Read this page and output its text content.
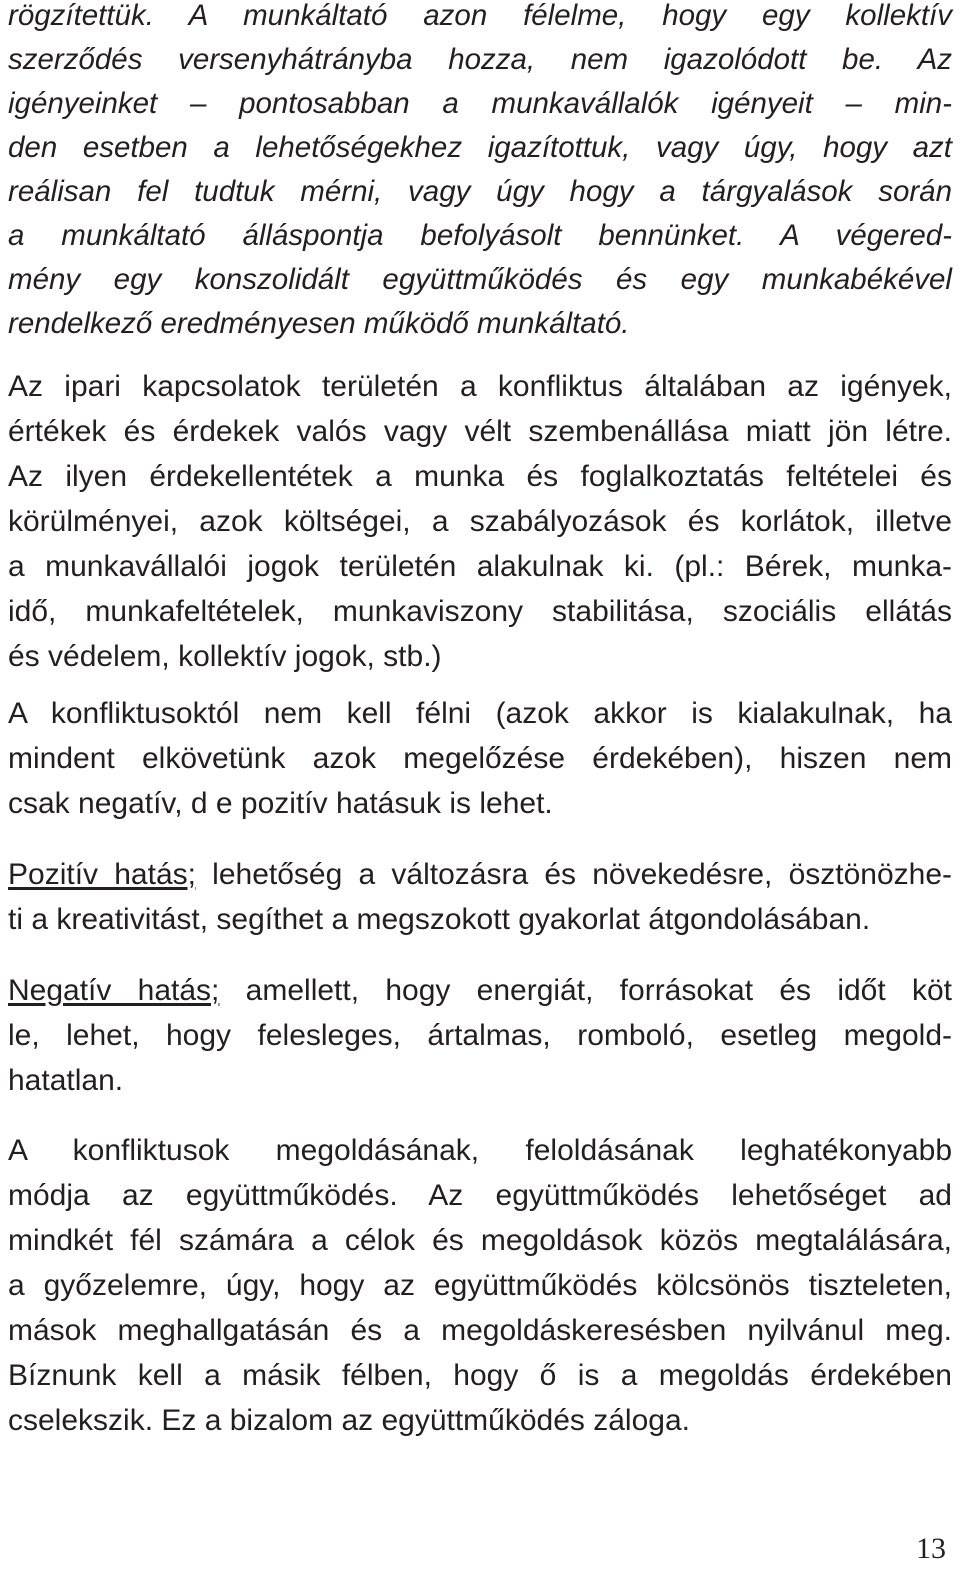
rögzítettük. A munkáltató azon félelme, hogy egy kollektív
szerződés versenyhátrányba hozza, nem igazolódott be. Az
igényeinket – pontosabban a munkavállalók igényeit – min-
den esetben a lehetőségekhez igazítottuk, vagy úgy, hogy azt
reálisan fel tudtuk mérni, vagy úgy hogy a tárgyalások során
a munkáltató álláspontja befolyásolt bennünket. A végered-
mény egy konszolidált együttműködés és egy munkabékével
rendelkező eredményesen működő munkáltató.
Az ipari kapcsolatok területén a konfliktus általában az igények,
értékek és érdekek valós vagy vélt szembenállása miatt jön létre.
Az ilyen érdekellentétek a munka és foglalkoztatás feltételei és
körülményei, azok költségei, a szabályozások és korlátok, illetve
a munkavállalói jogok területén alakulnak ki. (pl.: Bérek, munka-
idő, munkafeltételek, munkaviszony stabilitása, szociális ellátás
és védelem, kollektív jogok, stb.)
A konfliktusoktól nem kell félni (azok akkor is kialakulnak, ha
mindent elkövetünk azok megelőzése érdekében), hiszen nem
csak negatív, d e pozitív hatásuk is lehet.
Pozitív hatás; lehetőség a változásra és növekedésre, ösztönözhe-
ti a kreativitást, segíthet a megszokott gyakorlat átgondolásában.
Negatív hatás; amellett, hogy energiát, forrásokat és időt köt
le, lehet, hogy felesleges, ártalmas, romboló, esetleg megold-
hatatlan.
A konfliktusok megoldásának, feloldásának leghatékonyabb
módja az együttműködés. Az együttműködés lehetőséget ad
mindkét fél számára a célok és megoldások közös megtalálására,
a győzelemre, úgy, hogy az együttműködés kölcsönös tiszteleten,
mások meghallgatásán és a megoldáskeresésben nyilvánul meg.
Bíznunk kell a másik félben, hogy ő is a megoldás érdekében
cselekszik. Ez a bizalom az együttműködés záloga.
13
